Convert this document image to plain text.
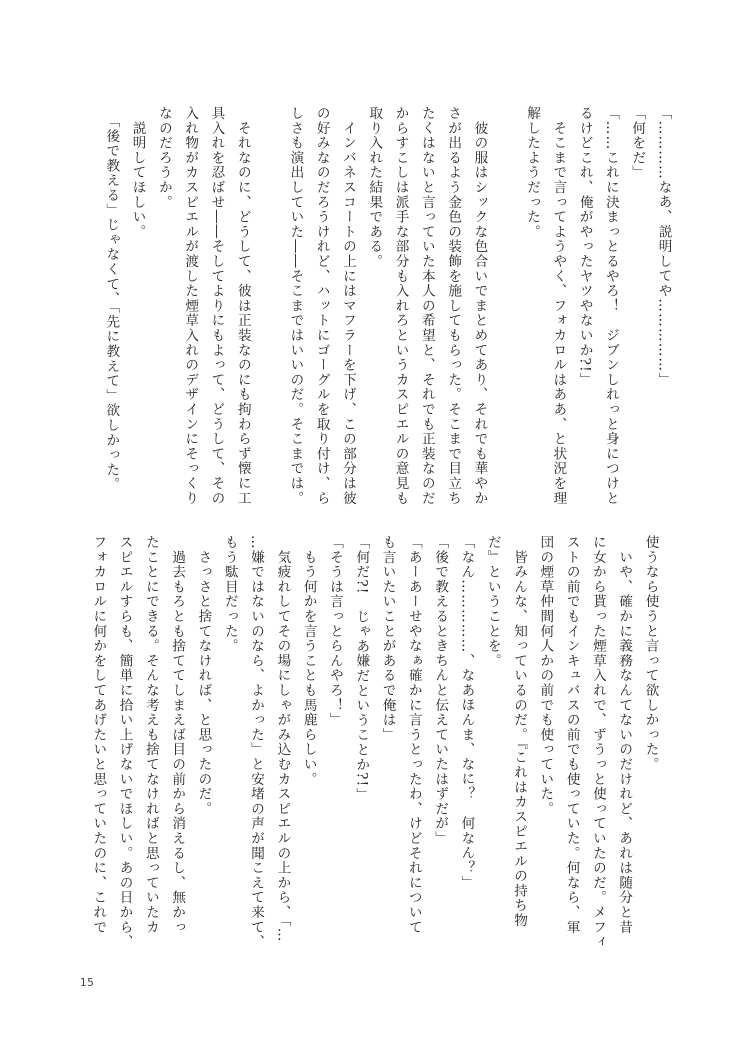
「…………なあ、説明してや……………」

「何をだ」

「……これに決まっとるやろ！　ジブンしれっと身につけと

るけどこれ、俺がやったヤツやないか?!」

　そこまで言ってようやく、フォカロルはああ、と状況を理

解したようだった。

　彼の服はシックな色合いでまとめてあり、それでも華やか

さが出るよう金色の装飾を施してもらった。そこまで目立ち

たくはないと言っていた本人の希望と、それでも正装なのだ

からすこしは派手な部分も入れろというカスピエルの意見も

取り入れた結果である。

　インバネスコートの上にはマフラーを下げ、この部分は彼

の好みなのだろうけれど、ハットにゴーグルを取り付け、ら

しさも演出していた――そこまではいいのだ。そこまでは。

　それなのに、どうして、彼は正装なのにも拘わらず懐に工

具入れを忍ばせ――そしてよりにもよって、どうして、その

入れ物がカスピエルが渡した煙草入れのデザインにそっくり

なのだろうか。

　説明してほしい。

　「後で教える」じゃなくて、「先に教えて」欲しかった。

使うなら使うと言って欲しかった。

　いや、確かに義務なんてないのだけれど、あれは随分と昔

に女から貰った煙草入れで、ずうっと使っていたのだ。メフィ

ストの前でもインキュバスの前でも使っていた。何なら、軍

団の煙草仲間何人かの前でも使っていた。

　皆みんな、知っているのだ。『これはカスピエルの持ち物

だ』ということを。

「なん……………、なあほんま、なに？　何なん？」

「後で教えるときちんと伝えていたはずだが」

「あーあーせやなぁ確かに言うとったわ、けどそれについて

も言いたいことがあるで俺は」

「何だ?!　じゃあ嫌だということか?!」

「そうは言っとらんやろ！」

　もう何かを言うことも馬鹿らしい。

　気疲れしてその場にしゃがみ込むカスピエルの上から、「…

…嫌ではないのなら、よかった」と安堵の声が聞こえて来て、

もう駄目だった。

　さっさと捨てなければ、と思ったのだ。

　過去もろとも捨ててしまえば目の前から消えるし、無かっ

たことにできる。そんな考えも捨てなければと思っていたカ

スピエルすらも、簡単に拾い上げないでほしい。あの日から、

フォカロルに何かをしてあげたいと思っていたのに、これで

15
